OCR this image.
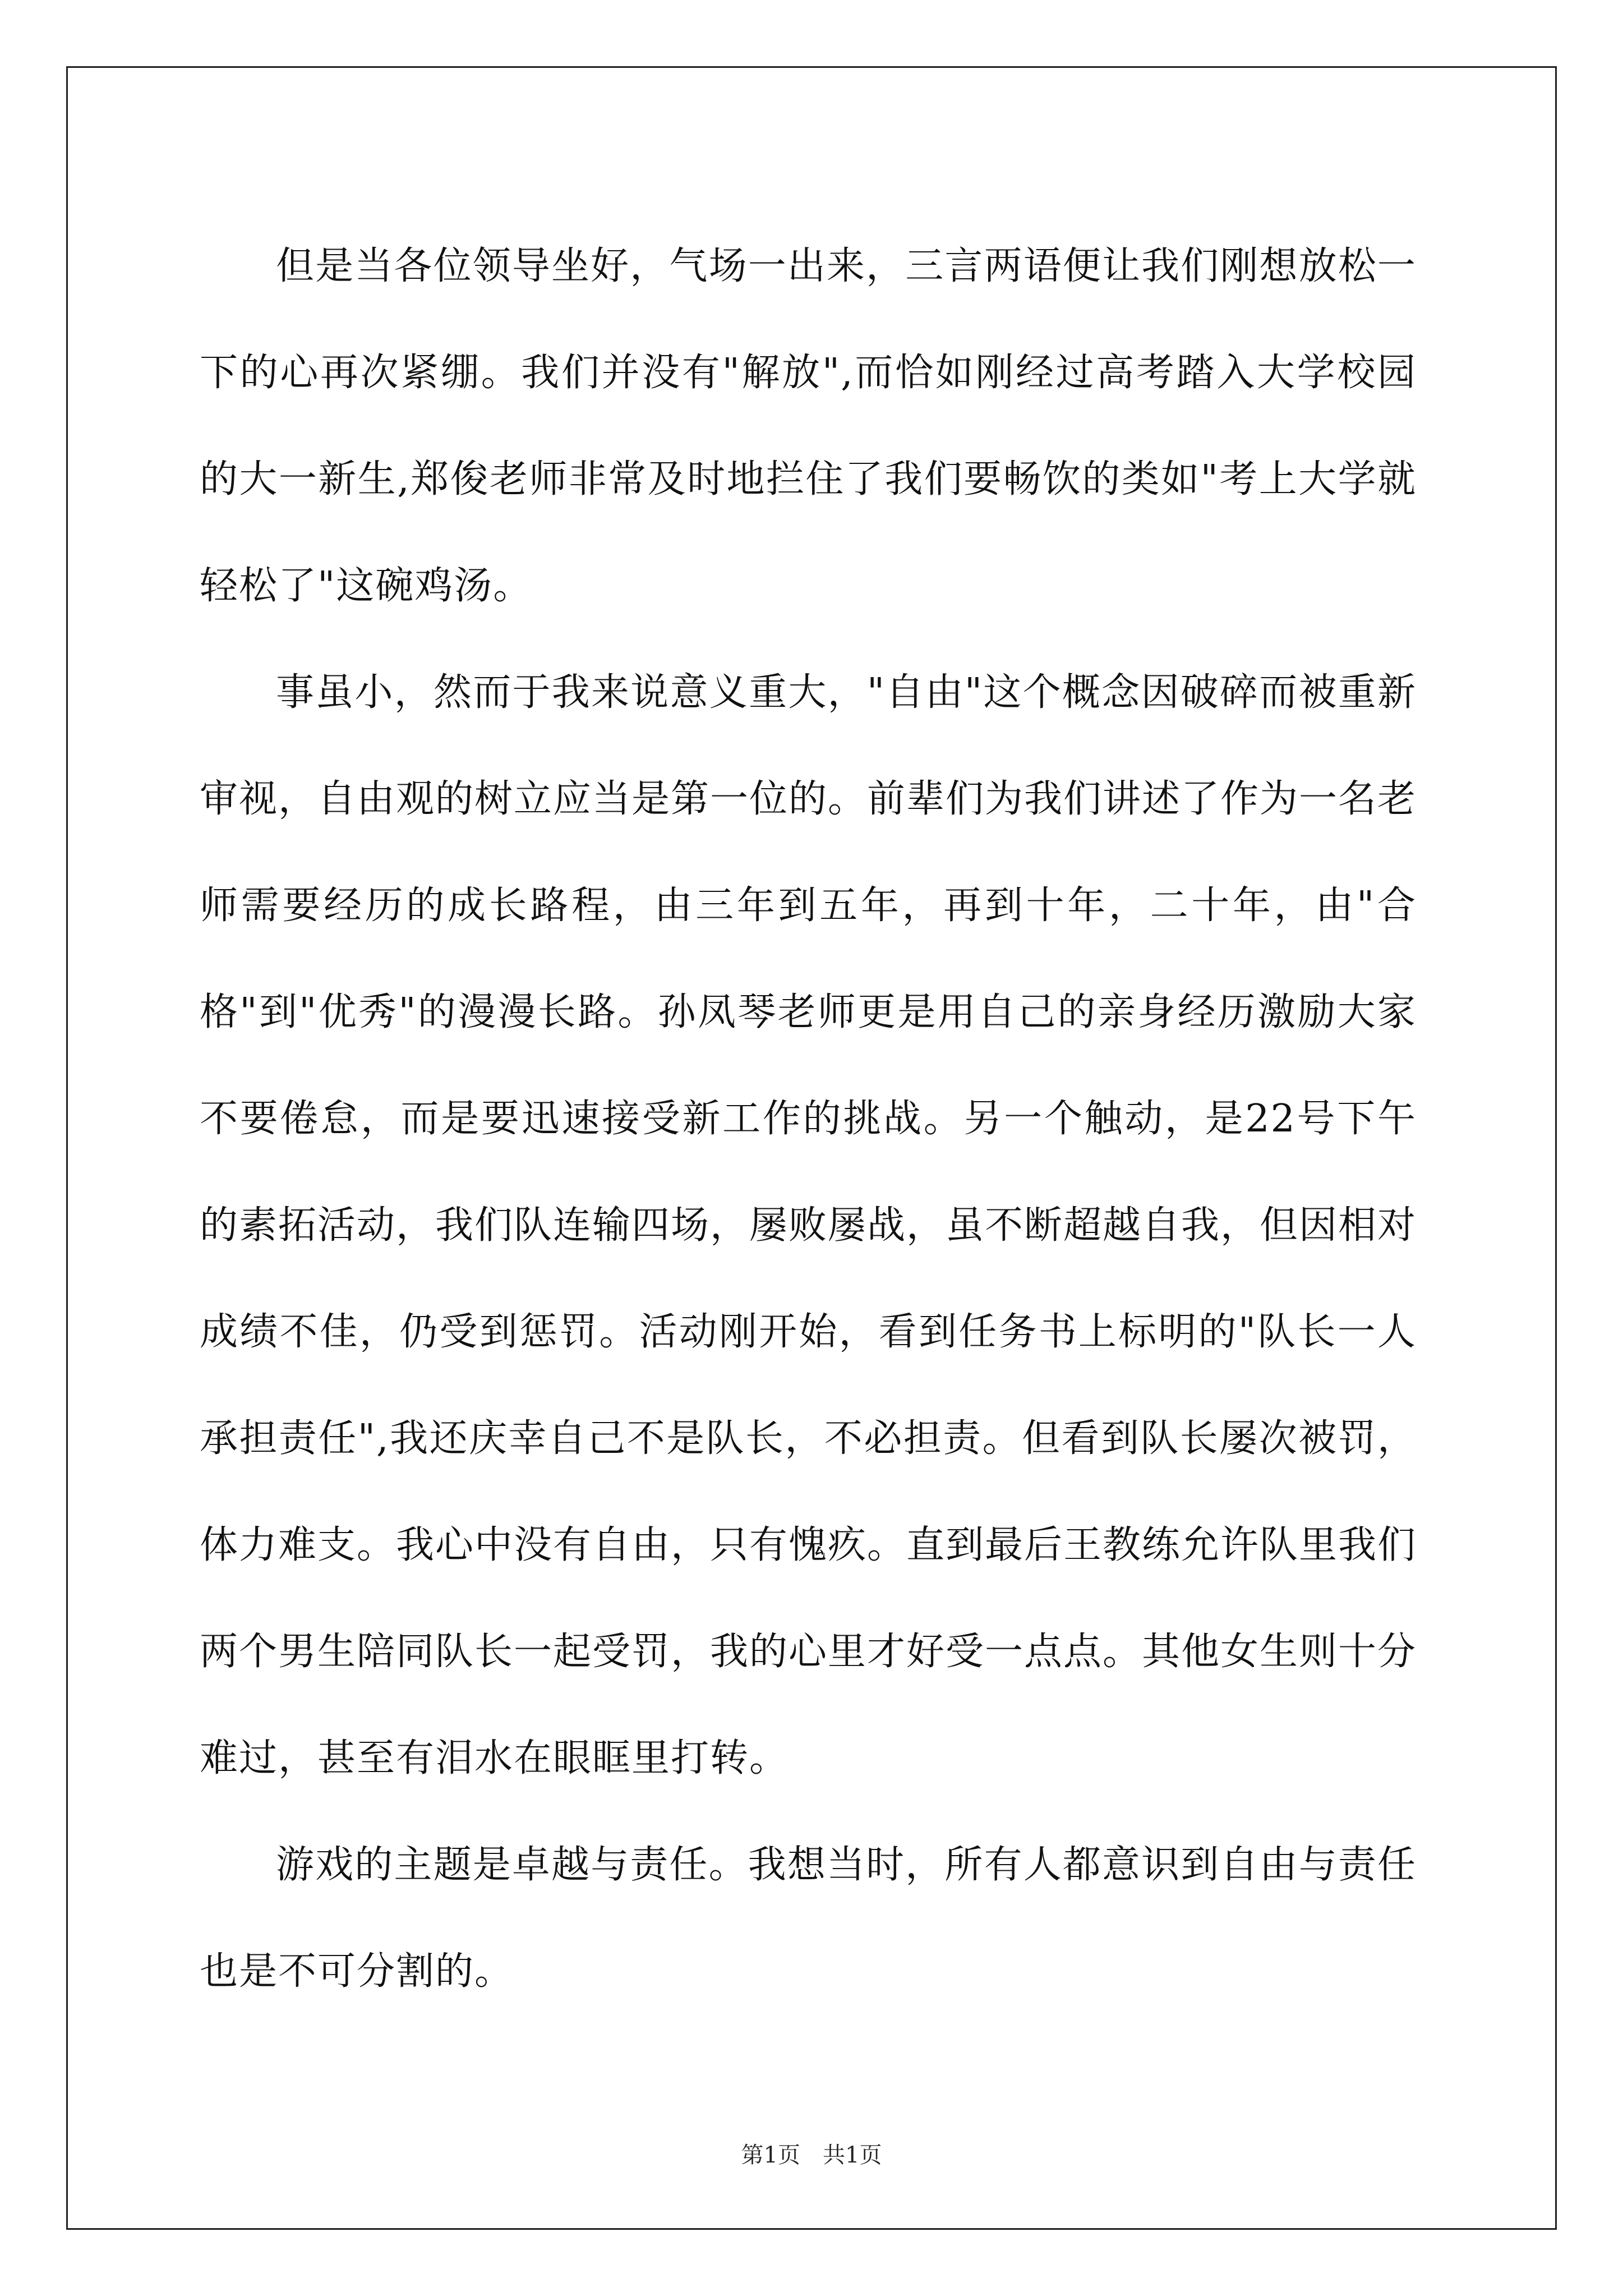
但是当各位领导坐好，气场一出来，三言两语便让我们刚想放松一下的心再次紧绷。我们并没有"解放",而恰如刚经过高考踏入大学校园的大一新生,郑俊老师非常及时地拦住了我们要畅饮的类如"考上大学就轻松了"这碗鸡汤。

事虽小，然而于我来说意义重大，"自由"这个概念因破碎而被重新审视，自由观的树立应当是第一位的。前辈们为我们讲述了作为一名老师需要经历的成长路程，由三年到五年，再到十年，二十年，由"合格"到"优秀"的漫漫长路。孙凤琴老师更是用自己的亲身经历激励大家不要倦怠，而是要迅速接受新工作的挑战。另一个触动，是22号下午的素拓活动，我们队连输四场，屡败屡战，虽不断超越自我，但因相对成绩不佳，仍受到惩罚。活动刚开始，看到任务书上标明的"队长一人承担责任",我还庆幸自己不是队长，不必担责。但看到队长屡次被罚，体力难支。我心中没有自由，只有愧疚。直到最后王教练允许队里我们两个男生陪同队长一起受罚，我的心里才好受一点点。其他女生则十分难过，甚至有泪水在眼眶里打转。

游戏的主题是卓越与责任。我想当时，所有人都意识到自由与责任也是不可分割的。

第1页 共1页
